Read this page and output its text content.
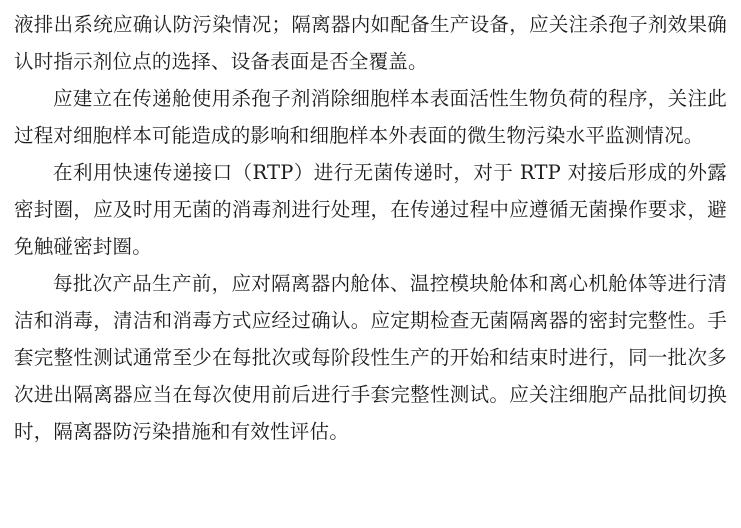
液排出系统应确认防污染情况；隔离器内如配备生产设备，应关注杀孢子剂效果确认时指示剂位点的选择、设备表面是否全覆盖。

应建立在传递舱使用杀孢子剂消除细胞样本表面活性生物负荷的程序，关注此过程对细胞样本可能造成的影响和细胞样本外表面的微生物污染水平监测情况。

在利用快速传递接口（RTP）进行无菌传递时，对于 RTP 对接后形成的外露密封圈，应及时用无菌的消毒剂进行处理，在传递过程中应遵循无菌操作要求，避免触碰密封圈。

每批次产品生产前，应对隔离器内舱体、温控模块舱体和离心机舱体等进行清洁和消毒，清洁和消毒方式应经过确认。应定期检查无菌隔离器的密封完整性。手套完整性测试通常至少在每批次或每阶段性生产的开始和结束时进行，同一批次多次进出隔离器应当在每次使用前后进行手套完整性测试。应关注细胞产品批间切换时，隔离器防污染措施和有效性评估。
